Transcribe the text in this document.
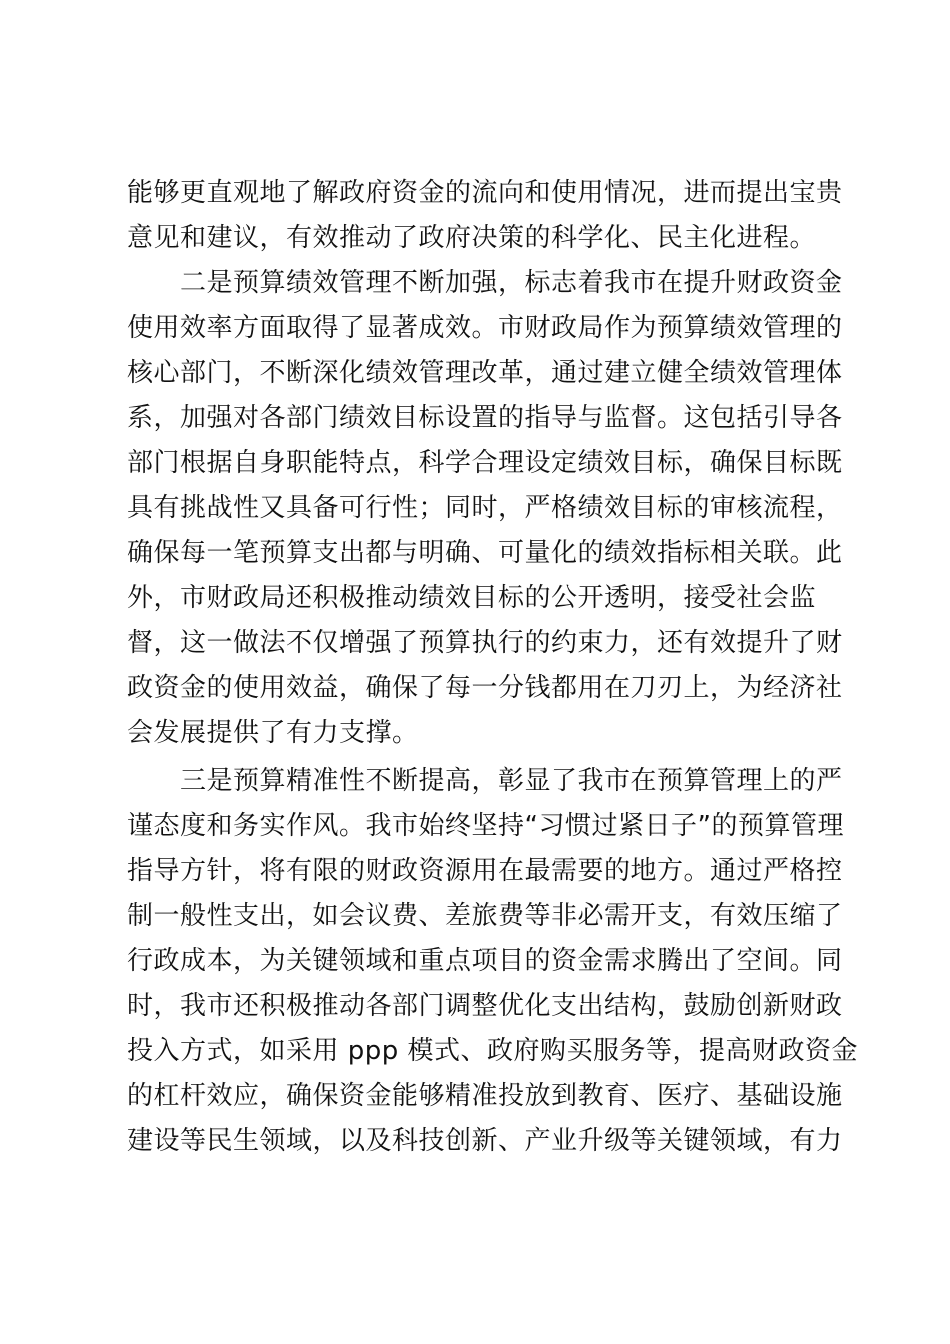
能够更直观地了解政府资金的流向和使用情况，进而提出宝贵
意见和建议，有效推动了政府决策的科学化、民主化进程。
二是预算绩效管理不断加强，标志着我市在提升财政资金
使用效率方面取得了显著成效。市财政局作为预算绩效管理的
核心部门，不断深化绩效管理改革，通过建立健全绩效管理体
系，加强对各部门绩效目标设置的指导与监督。这包括引导各
部门根据自身职能特点，科学合理设定绩效目标，确保目标既
具有挑战性又具备可行性；同时，严格绩效目标的审核流程，
确保每一笔预算支出都与明确、可量化的绩效指标相关联。此
外，市财政局还积极推动绩效目标的公开透明，接受社会监
督，这一做法不仅增强了预算执行的约束力，还有效提升了财
政资金的使用效益，确保了每一分钱都用在刀刃上，为经济社
会发展提供了有力支撑。
三是预算精准性不断提高，彰显了我市在预算管理上的严
谨态度和务实作风。我市始终坚持“习惯过紧日子”的预算管理
指导方针，将有限的财政资源用在最需要的地方。通过严格控
制一般性支出，如会议费、差旅费等非必需开支，有效压缩了
行政成本，为关键领域和重点项目的资金需求腾出了空间。同
时，我市还积极推动各部门调整优化支出结构，鼓励创新财政
投入方式，如采用 ppp 模式、政府购买服务等，提高财政资金
的杠杆效应，确保资金能够精准投放到教育、医疗、基础设施
建设等民生领域，以及科技创新、产业升级等关键领域，有力
